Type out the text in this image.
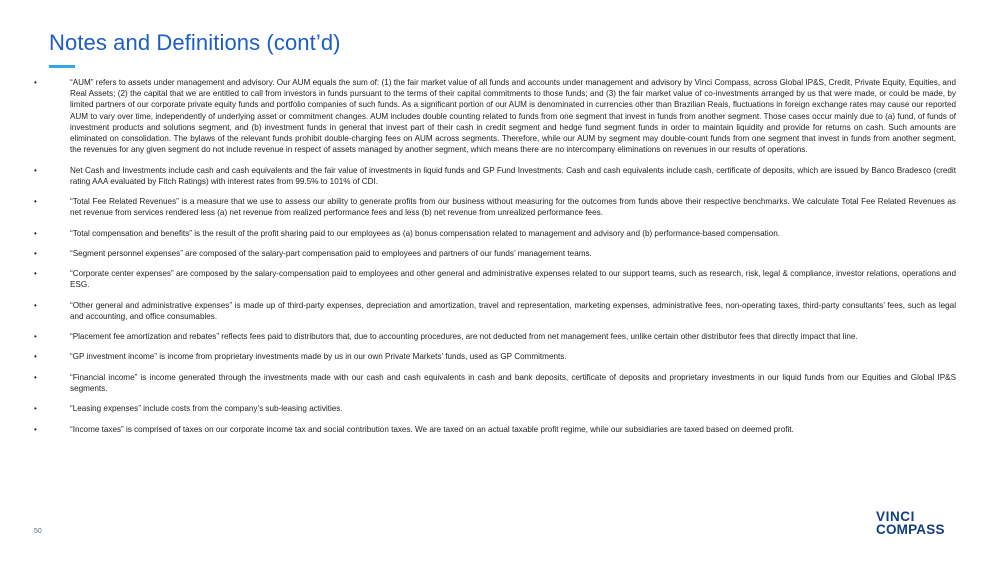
Notes and Definitions (cont’d)
•	“AUM” refers to assets under management and advisory. Our AUM equals the sum of: (1) the fair market value of all funds and accounts under management and advisory by Vinci Compass, across Global IP&S, Credit, Private Equity, Equities, and Real Assets; (2) the capital that we are entitled to call from investors in funds pursuant to the terms of their capital commitments to those funds; and (3) the fair market value of co-investments arranged by us that were made, or could be made, by limited partners of our corporate private equity funds and portfolio companies of such funds. As a significant portion of our AUM is denominated in currencies other than Brazilian Reais, fluctuations in foreign exchange rates may cause our reported AUM to vary over time, independently of underlying asset or commitment changes. AUM includes double counting related to funds from one segment that invest in funds from another segment. Those cases occur mainly due to (a) fund, of funds of investment products and solutions segment, and (b) investment funds in general that invest part of their cash in credit segment and hedge fund segment funds in order to maintain liquidity and provide for returns on cash. Such amounts are eliminated on consolidation. The bylaws of the relevant funds prohibit double-charging fees on AUM across segments. Therefore, while our AUM by segment may double-count funds from one segment that invest in funds from another segment, the revenues for any given segment do not include revenue in respect of assets managed by another segment, which means there are no intercompany eliminations on revenues in our results of operations.
•	Net Cash and Investments include cash and cash equivalents and the fair value of investments in liquid funds and GP Fund Investments. Cash and cash equivalents include cash, certificate of deposits, which are issued by Banco Bradesco (credit rating AAA evaluated by Fitch Ratings) with interest rates from 99.5% to 101% of CDI.
•	“Total Fee Related Revenues” is a measure that we use to assess our ability to generate profits from our business without measuring for the outcomes from funds above their respective benchmarks. We calculate Total Fee Related Revenues as net revenue from services rendered less (a) net revenue from realized performance fees and less (b) net revenue from unrealized performance fees.
•	“Total compensation and benefits” is the result of the profit sharing paid to our employees as (a) bonus compensation related to management and advisory and (b) performance-based compensation.
•	“Segment personnel expenses” are composed of the salary-part compensation paid to employees and partners of our funds’ management teams.
•	“Corporate center expenses” are composed by the salary-compensation paid to employees and other general and administrative expenses related to our support teams, such as research, risk, legal & compliance, investor relations, operations and ESG.
•	“Other general and administrative expenses” is made up of third-party expenses, depreciation and amortization, travel and representation, marketing expenses, administrative fees, non-operating taxes, third-party consultants’ fees, such as legal and accounting, and office consumables.
•	“Placement fee amortization and rebates” reflects fees paid to distributors that, due to accounting procedures, are not deducted from net management fees, unlike certain other distributor fees that directly impact that line.
•	“GP investment income” is income from proprietary investments made by us in our own Private Markets’ funds, used as GP Commitments.
•	“Financial income” is income generated through the investments made with our cash and cash equivalents in cash and bank deposits, certificate of deposits and proprietary investments in our liquid funds from our Equities and Global IP&S segments.
•	“Leasing expenses” include costs from the company’s sub-leasing activities.
•	“Income taxes” is comprised of taxes on our corporate income tax and social contribution taxes. We are taxed on an actual taxable profit regime, while our subsidiaries are taxed based on deemed profit.
50
VINCI
COMPASS
